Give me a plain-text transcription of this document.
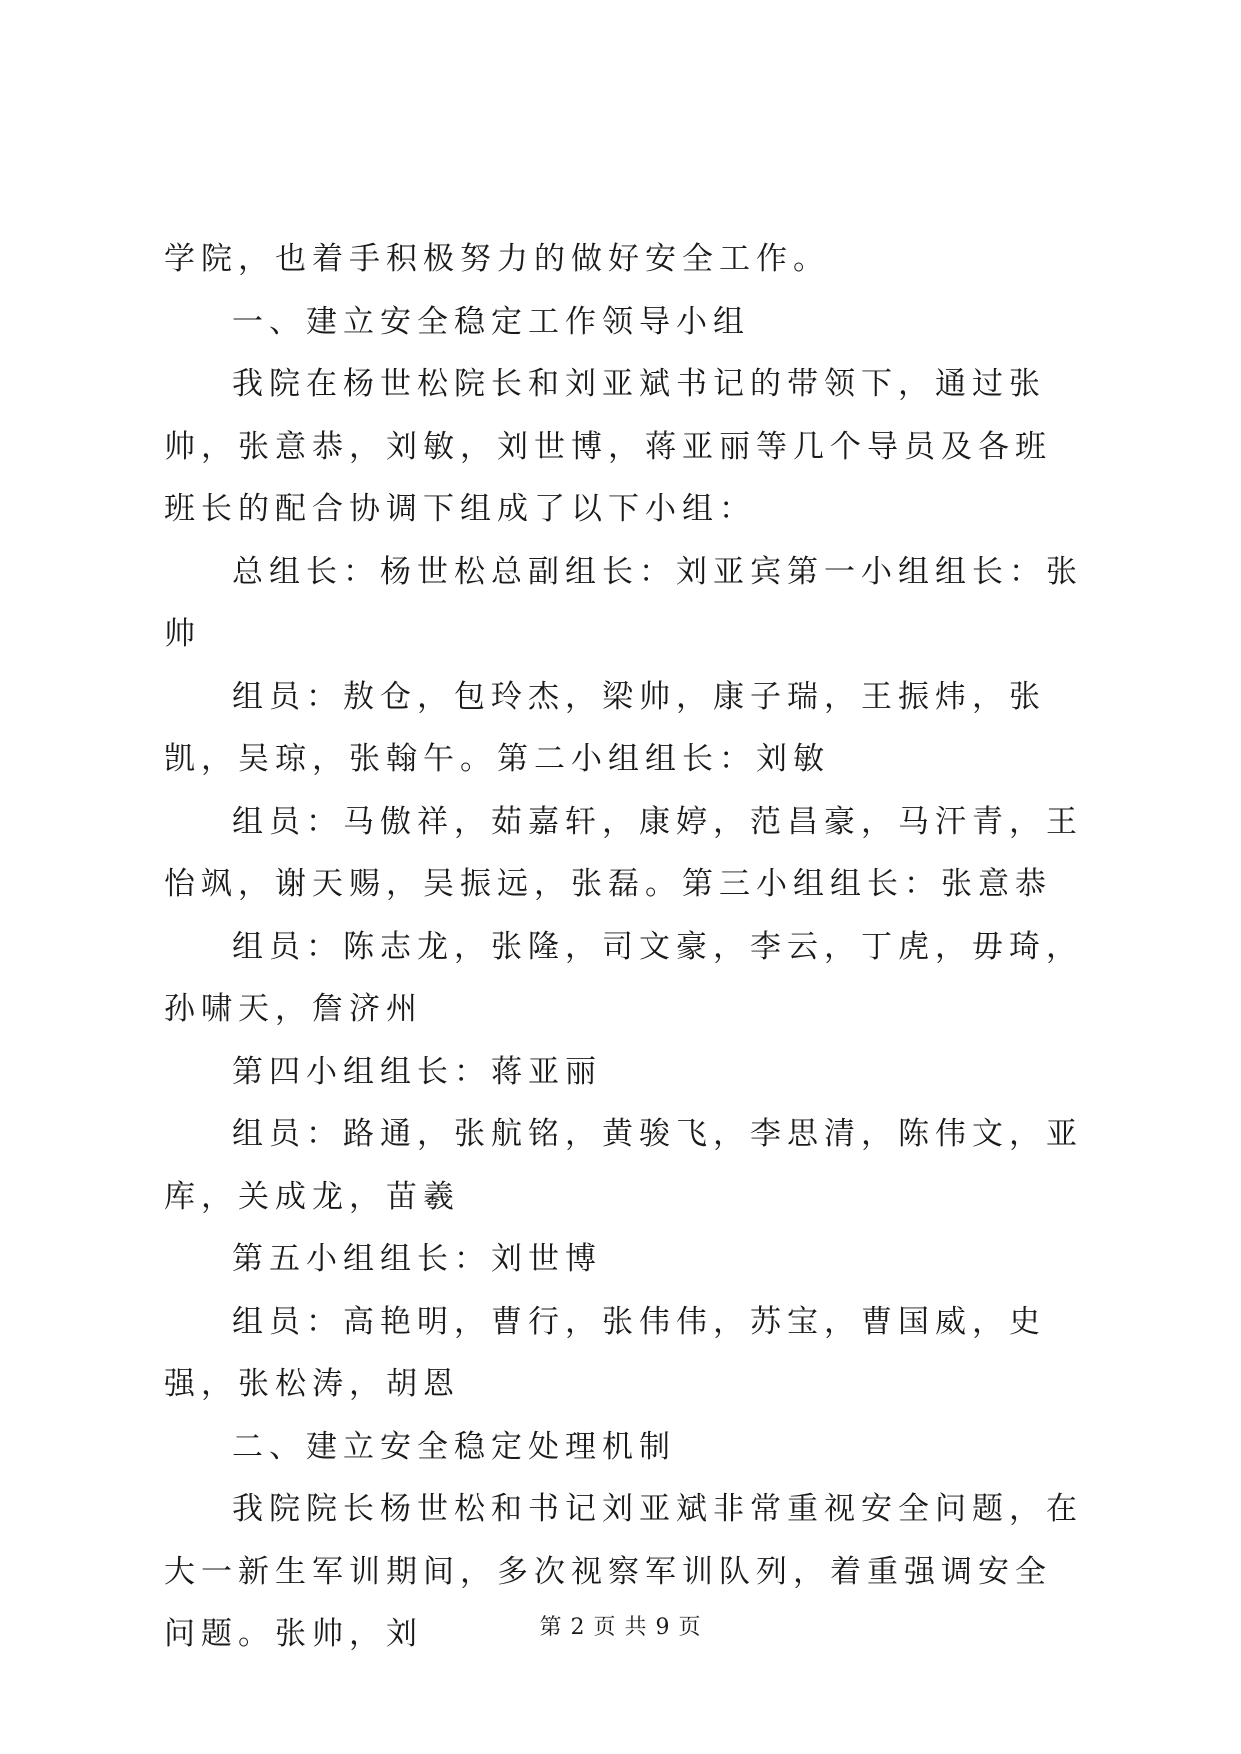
学院，也着手积极努力的做好安全工作。

一、建立安全稳定工作领导小组

我院在杨世松院长和刘亚斌书记的带领下，通过张帅，张意恭，刘敏，刘世博，蒋亚丽等几个导员及各班班长的配合协调下组成了以下小组：

总组长：杨世松总副组长：刘亚宾第一小组组长：张帅

组员：敖仓，包玲杰，梁帅，康子瑞，王振炜，张凯，吴琼，张翰午。第二小组组长：刘敏

组员：马傲祥，茹嘉轩，康婷，范昌豪，马汗青，王怡飒，谢天赐，吴振远，张磊。第三小组组长：张意恭

组员：陈志龙，张隆，司文豪，李云，丁虎，毋琦，孙啸天，詹济州

第四小组组长：蒋亚丽

组员：路通，张航铭，黄骏飞，李思清，陈伟文，亚库，关成龙，苗羲

第五小组组长：刘世博

组员：高艳明，曹行，张伟伟，苏宝，曹国威，史强，张松涛，胡恩

二、建立安全稳定处理机制

我院院长杨世松和书记刘亚斌非常重视安全问题，在大一新生军训期间，多次视察军训队列，着重强调安全问题。张帅，刘	第 2 页 共 9 页
